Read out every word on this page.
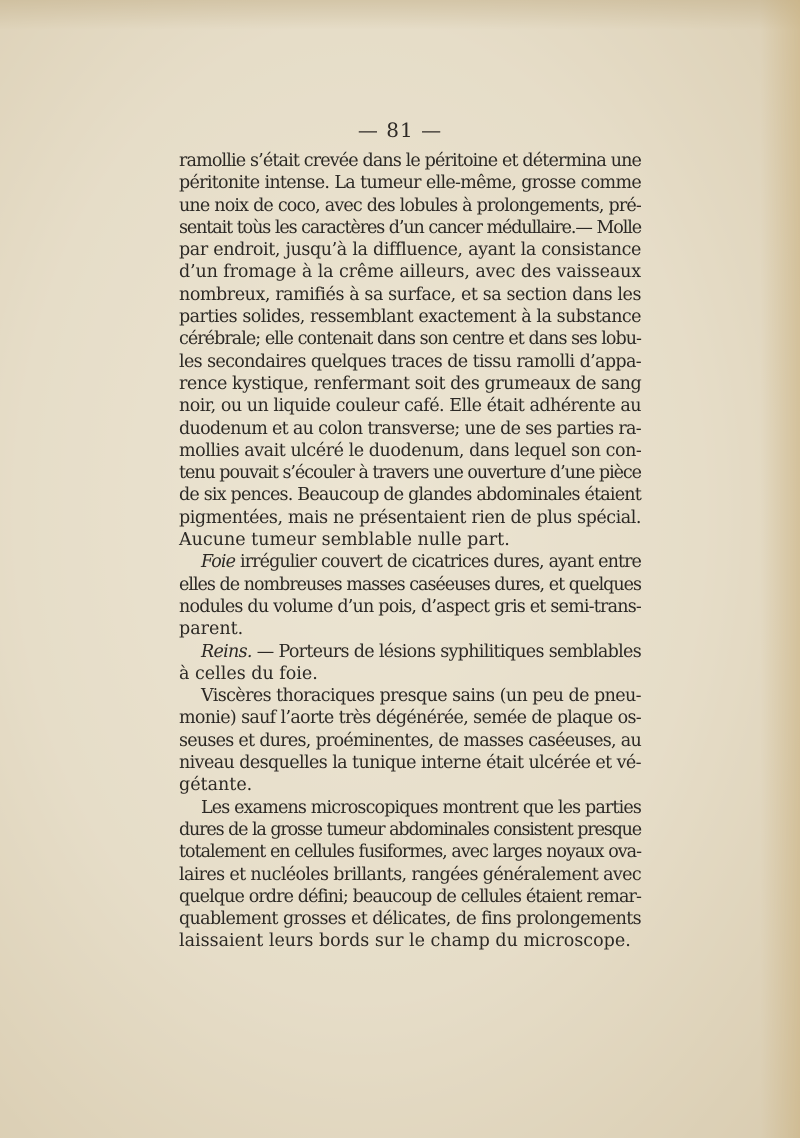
— 81 —
ramollie s’était crevée dans le péritoine et détermina une
péritonite intense. La tumeur elle-même, grosse comme
une noix de coco, avec des lobules à prolongements, pré-
sentait toùs les caractères d’un cancer médullaire.— Molle
par endroit, jusqu’à la diffluence, ayant la consistance
d’un fromage à la crême ailleurs, avec des vaisseaux
nombreux, ramifiés à sa surface, et sa section dans les
parties solides, ressemblant exactement à la substance
cérébrale; elle contenait dans son centre et dans ses lobu-
les secondaires quelques traces de tissu ramolli d’appa-
rence kystique, renfermant soit des grumeaux de sang
noir, ou un liquide couleur café. Elle était adhérente au
duodenum et au colon transverse; une de ses parties ra-
mollies avait ulcéré le duodenum, dans lequel son con-
tenu pouvait s’écouler à travers une ouverture d’une pièce
de six pences. Beaucoup de glandes abdominales étaient
pigmentées, mais ne présentaient rien de plus spécial.
Aucune tumeur semblable nulle part.
Foie irrégulier couvert de cicatrices dures, ayant entre
elles de nombreuses masses caséeuses dures, et quelques
nodules du volume d’un pois, d’aspect gris et semi-trans-
parent.
Reins. — Porteurs de lésions syphilitiques semblables
à celles du foie.
Viscères thoraciques presque sains (un peu de pneu-
monie) sauf l’aorte très dégénérée, semée de plaque os-
seuses et dures, proéminentes, de masses caséeuses, au
niveau desquelles la tunique interne était ulcérée et vé-
gétante.
Les examens microscopiques montrent que les parties
dures de la grosse tumeur abdominales consistent presque
totalement en cellules fusiformes, avec larges noyaux ova-
laires et nucléoles brillants, rangées généralement avec
quelque ordre défini; beaucoup de cellules étaient remar-
quablement grosses et délicates, de fins prolongements
laissaient leurs bords sur le champ du microscope.
